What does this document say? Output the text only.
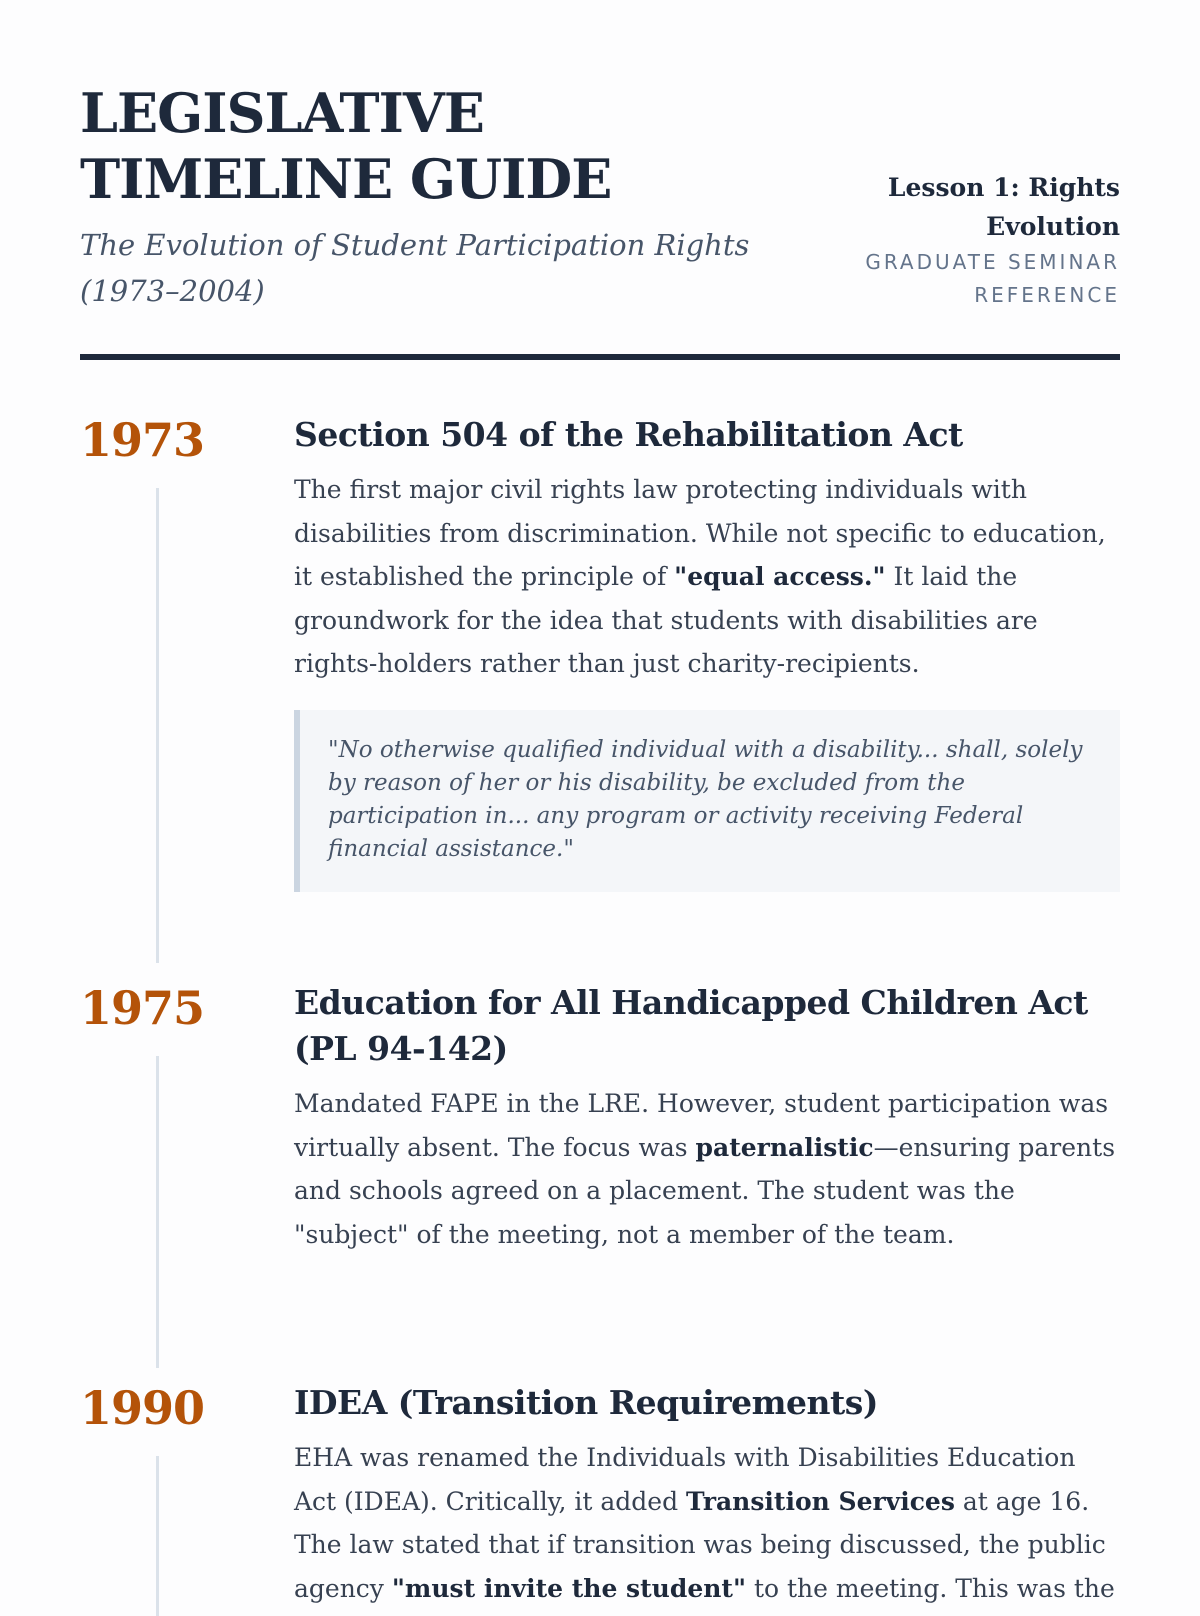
LEGISLATIVE
TIMELINE GUIDE

The Evolution of Student Participation Rights (1973–2004)

Lesson 1: Rights Evolution
GRADUATE SEMINAR REFERENCE
1973	Section 504 of the Rehabilitation Act

The first major civil rights law protecting individuals with disabilities from discrimination. While not specific to education, it established the principle of "equal access." It laid the groundwork for the idea that students with disabilities are rights-holders rather than just charity-recipients.

"No otherwise qualified individual with a disability... shall, solely by reason of her or his disability, be excluded from the participation in... any program or activity receiving Federal financial assistance."
1975	Education for All Handicapped Children Act (PL 94-142)

Mandated FAPE in the LRE. However, student participation was virtually absent. The focus was paternalistic—ensuring parents and schools agreed on a placement. The student was the "subject" of the meeting, not a member of the team.

1990	IDEA (Transition Requirements)

EHA was renamed the Individuals with Disabilities Education Act (IDEA). Critically, it added Transition Services at age 16. The law stated that if transition was being discussed, the public agency "must invite the student" to the meeting. This was the
